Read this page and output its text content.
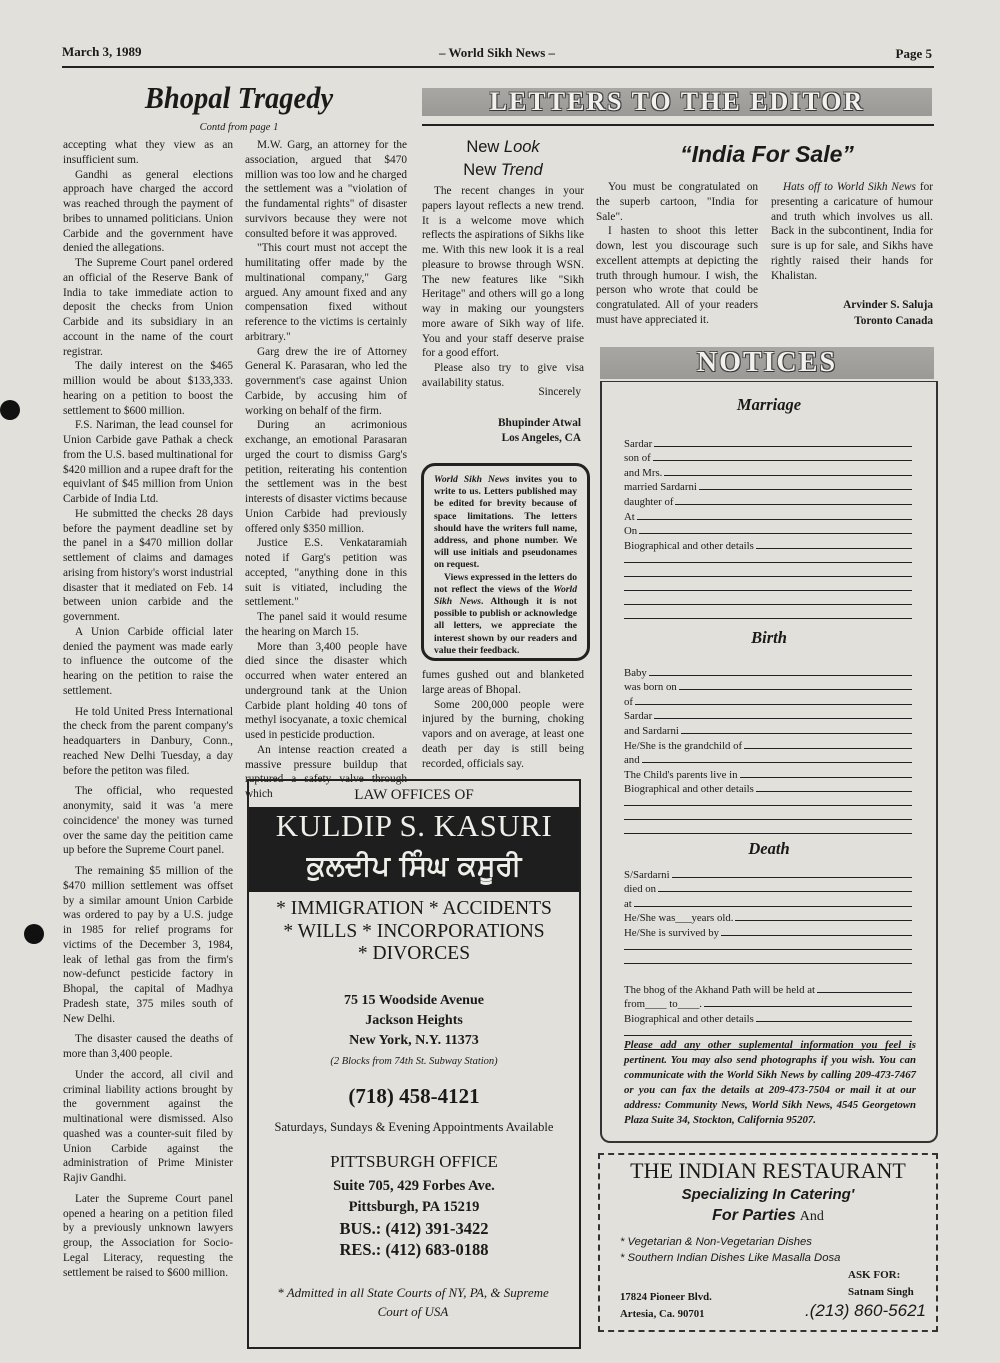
March 3, 1989	– World Sikh News –	Page 5
Bhopal Tragedy
Contd from page 1

accepting what they view as an insufficient sum.

Gandhi as general elections approach have charged the accord was reached through the payment of bribes to unnamed politicians. Union Carbide and the government have denied the allegations.

The Supreme Court panel ordered an official of the Reserve Bank of India to take immediate action to deposit the checks from Union Carbide and its subsidiary in an account in the name of the court registrar.

The daily interest on the $465 million would be about $133,333. hearing on a petition to boost the settlement to $600 million.

F.S. Nariman, the lead counsel for Union Carbide gave Pathak a check from the U.S. based multinational for $420 million and a rupee draft for the equivlant of $45 million from Union Carbide of India Ltd.

He submitted the checks 28 days before the payment deadline set by the panel in a $470 million dollar settlement of claims and damages arising from history's worst industrial disaster that it mediated on Feb. 14 between union carbide and the government.

A Union Carbide official later denied the payment was made early to influence the outcome of the hearing on the petition to raise the settlement.

He told United Press International the check from the parent company's headquarters in Danbury, Conn., reached New Delhi Tuesday, a day before the petiton was filed.

The official, who requested anonymity, said it was 'a mere coincidence' the money was turned over the same day the peitition came up before the Supreme Court panel.

The remaining $5 million of the $470 million settlement was offset by a similar amount Union Carbide was ordered to pay by a U.S. judge in 1985 for relief programs for victims of the December 3, 1984, leak of lethal gas from the firm's now-defunct pesticide factory in Bhopal, the capital of Madhya Pradesh state, 375 miles south of New Delhi.

The disaster caused the deaths of more than 3,400 people.

Under the accord, all civil and criminal liability actions brought by the government against the multinational were dismissed. Also quashed was a counter-suit filed by Union Carbide against the administration of Prime Minister Rajiv Gandhi.

Later the Supreme Court panel opened a hearing on a petition filed by a previously unknown lawyers group, the Association for Socio-Legal Literacy, requesting the settlement be raised to $600 million.

M.W. Garg, an attorney for the association, argued that $470 million was too low and he charged the settlement was a "violation of the fundamental rights" of disaster survivors because they were not consulted before it was approved.

"This court must not accept the humilitating offer made by the multinational company," Garg argued. Any amount fixed and any compensation fixed without reference to the victims is certainly arbitrary."

Garg drew the ire of Attorney General K. Parasaran, who led the government's case against Union Carbide, by accusing him of working on behalf of the firm.

During an acrimonious exchange, an emotional Parasaran urged the court to dismiss Garg's petition, reiterating his contention the settlement was in the best interests of disaster victims because Union Carbide had previously offered only $350 million.

Justice E.S. Venkataramiah noted if Garg's petition was accepted, "anything done in this suit is vitiated, including the settlement."

The panel said it would resume the hearing on March 15.

More than 3,400 people have died since the disaster which occurred when water entered an underground tank at the Union Carbide plant holding 40 tons of methyl isocyanate, a toxic chemical used in pesticide production.

An intense reaction created a massive pressure buildup that ruptured a safety valve through which

fumes gushed out and blanketed large areas of Bhopal.

Some 200,000 people were injured by the burning, choking vapors and on average, at least one death per day is still being recorded, officials say.

LETTERS TO THE EDITOR
New Look
New Trend

The recent changes in your papers layout reflects a new trend. It is a welcome move which reflects the aspirations of Sikhs like me. With this new look it is a real pleasure to browse through WSN. The new features like "Sikh Heritage" and others will go a long way in making our youngsters more aware of Sikh way of life. You and your staff deserve praise for a good effort.

Please also try to give visa availability status.

Sincerely
Bhupinder Atwal
Los Angeles, CA

World Sikh News invites you to write to us. Letters published may be edited for brevity because of space limitations. The letters should have the writers full name, address, and phone number. We will use initials and pseudonames on request.

Views expressed in the letters do not reflect the views of the World Sikh News. Although it is not possible to publish or acknowledge all letters, we appreciate the interest shown by our readers and value their feedback.

“India For Sale”

You must be congratulated on the superb cartoon, "India for Sale".

I hasten to shoot this letter down, lest you discourage such excellent attempts at depicting the truth through humour. I wish, the person who wrote that could be congratulated. All of your readers must have appreciated it.

Hats off to World Sikh News for presenting a caricature of humour and truth which involves us all. Back in the subcontinent, India for sure is up for sale, and Sikhs have rightly raised their hands for Khalistan.

Arvinder S. Saluja
Toronto Canada
NOTICES
Marriage
Sardar
son of
and Mrs.
married Sardarni
daughter of
At
On
Biographical and other details
Birth
Baby
was born on
of
Sardar
and Sardarni
He/She is the grandchild of
and
The Child's parents live in
Biographical and other details
Death
S/Sardarni
died on
at
He/She was___years old.
He/She is survived by
The bhog of the Akhand Path will be held at
from____ to____.
Biographical and other details
Please add any other suplemental information you feel is pertinent. You may also send photographs if you wish. You can communicate with the World Sikh News by calling 209-473-7467 or you can fax the details at 209-473-7504 or mail it at our address: Community News, World Sikh News, 4545 Georgetown Plaza Suite 34, Stockton, California 95207.
LAW OFFICES OF
KULDIP S. KASURI
ਕੁਲਦੀਪ ਸਿੰਘ ਕਸੂਰੀ
* IMMIGRATION * ACCIDENTS
* WILLS * INCORPORATIONS
* DIVORCES
75 15 Woodside Avenue
Jackson Heights
New York, N.Y. 11373
(2 Blocks from 74th St. Subway Station)
(718) 458-4121
Saturdays, Sundays & Evening Appointments Available
PITTSBURGH OFFICE
Suite 705, 429 Forbes Ave.
Pittsburgh, PA 15219
BUS.: (412) 391-3422
RES.: (412) 683-0188
* Admitted in all State Courts of NY, PA, & Supreme Court of USA
THE INDIAN RESTAURANT
Specializing In Catering'
For Parties And
* Vegetarian & Non-Vegetarian Dishes
* Southern Indian Dishes Like Masalla Dosa
ASK FOR:
Satnam Singh
17824 Pioneer Blvd.
Artesia, Ca. 90701	.(213) 860-5621
